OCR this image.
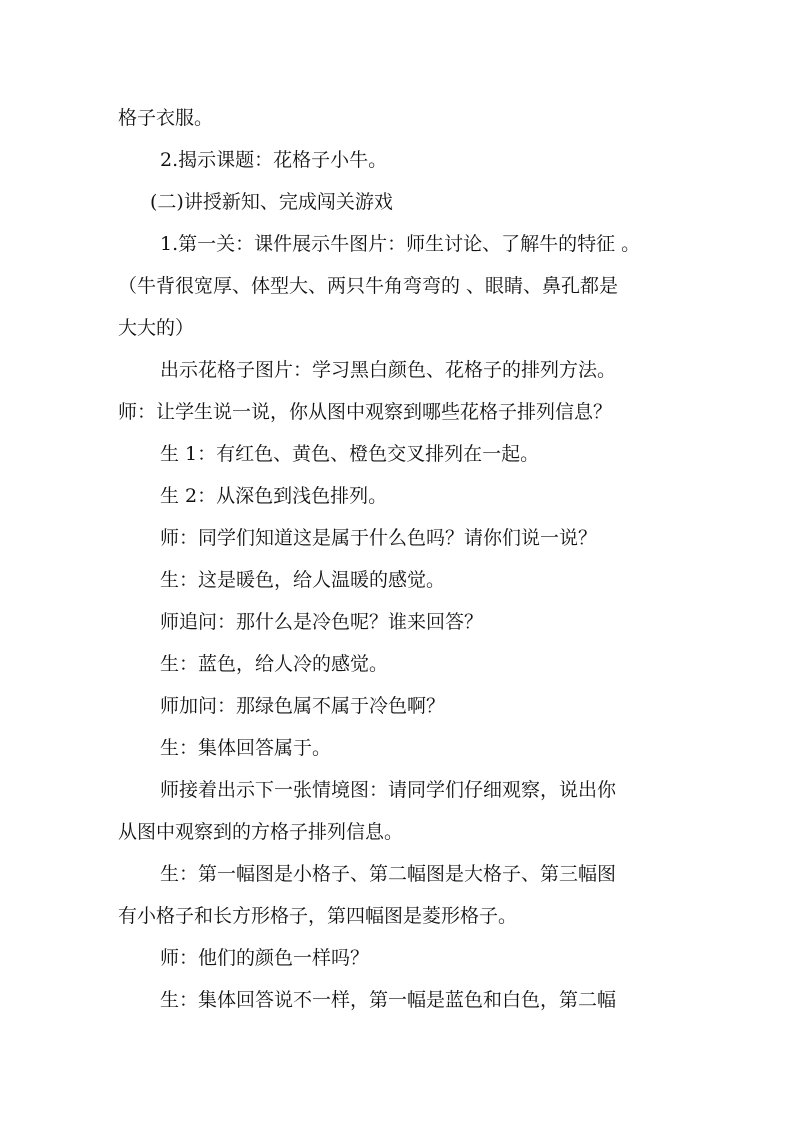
格子衣服。
2.揭示课题：花格子小牛。
(二)讲授新知、完成闯关游戏
1.第一关：课件展示牛图片：师生讨论、了解牛的特征 。
（牛背很宽厚、体型大、两只牛角弯弯的 、眼睛、鼻孔都是
大大的）
出示花格子图片：学习黑白颜色、花格子的排列方法。
师：让学生说一说，你从图中观察到哪些花格子排列信息？
生 1：有红色、黄色、橙色交叉排列在一起。
生 2：从深色到浅色排列。
师：同学们知道这是属于什么色吗？请你们说一说？
生：这是暖色，给人温暖的感觉。
师追问：那什么是冷色呢？谁来回答？
生：蓝色，给人冷的感觉。
师加问：那绿色属不属于冷色啊？
生：集体回答属于。
师接着出示下一张情境图：请同学们仔细观察，说出你
从图中观察到的方格子排列信息。
生：第一幅图是小格子、第二幅图是大格子、第三幅图
有小格子和长方形格子，第四幅图是菱形格子。
师：他们的颜色一样吗？
生：集体回答说不一样，第一幅是蓝色和白色，第二幅
